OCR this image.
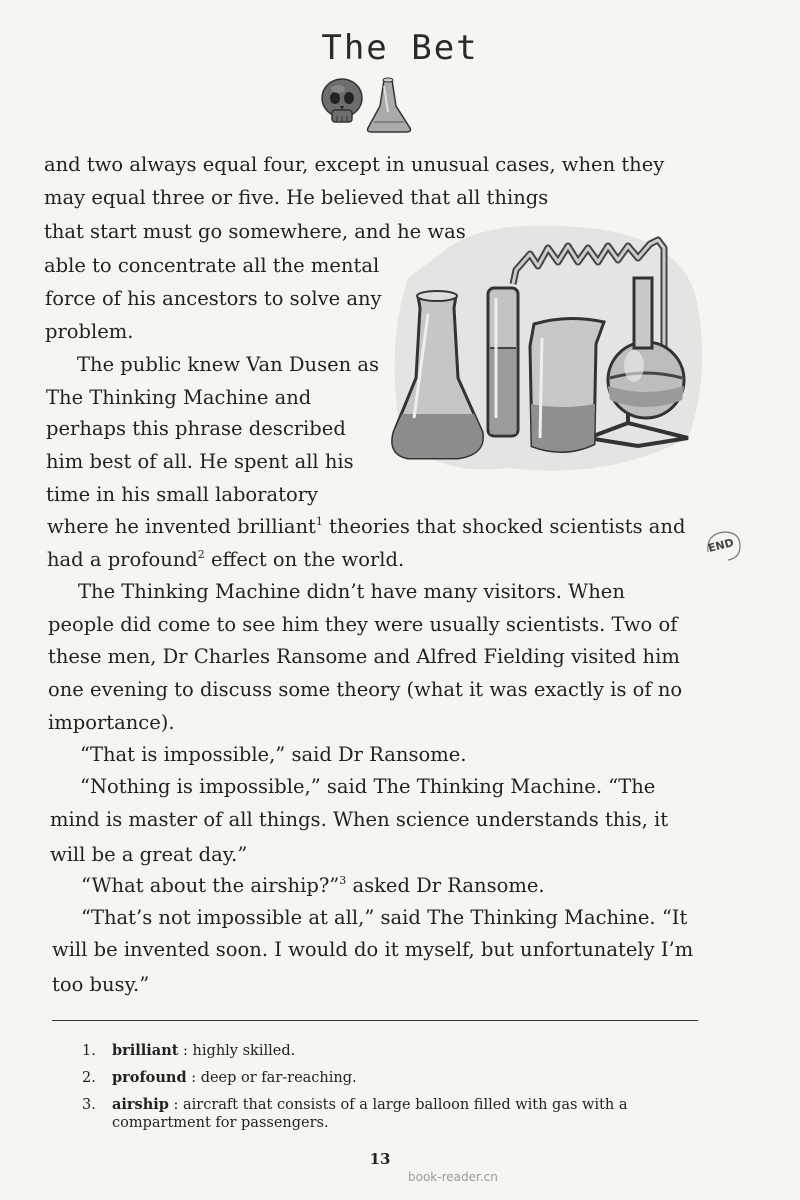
The Bet
and two always equal four, except in unusual cases, when they
may equal three or five. He believed that all things
that start must go somewhere, and he was
able to concentrate all the mental
force of his ancestors to solve any
problem.
The public knew Van Dusen as
The Thinking Machine and
perhaps this phrase described
him best of all. He spent all his
time in his small laboratory
where he invented brilliant$^1$ theories that shocked scientists and
had a profound$^2$ effect on the world.
END
The Thinking Machine didn’t have many visitors. When
people did come to see him they were usually scientists. Two of
these men, Dr Charles Ransome and Alfred Fielding visited him
one evening to discuss some theory (what it was exactly is of no
importance).
“That is impossible,” said Dr Ransome.
“Nothing is impossible,” said The Thinking Machine. “The
mind is master of all things. When science understands this, it
will be a great day.”
“What about the airship?”$^3$ asked Dr Ransome.
“That’s not impossible at all,” said The Thinking Machine. “It
will be invented soon. I would do it myself, but unfortunately I’m
too busy.”
1. brilliant : highly skilled.
2. profound : deep or far-reaching.
3. airship : aircraft that consists of a large balloon filled with gas with a
compartment for passengers.
13
book-reader.cn
